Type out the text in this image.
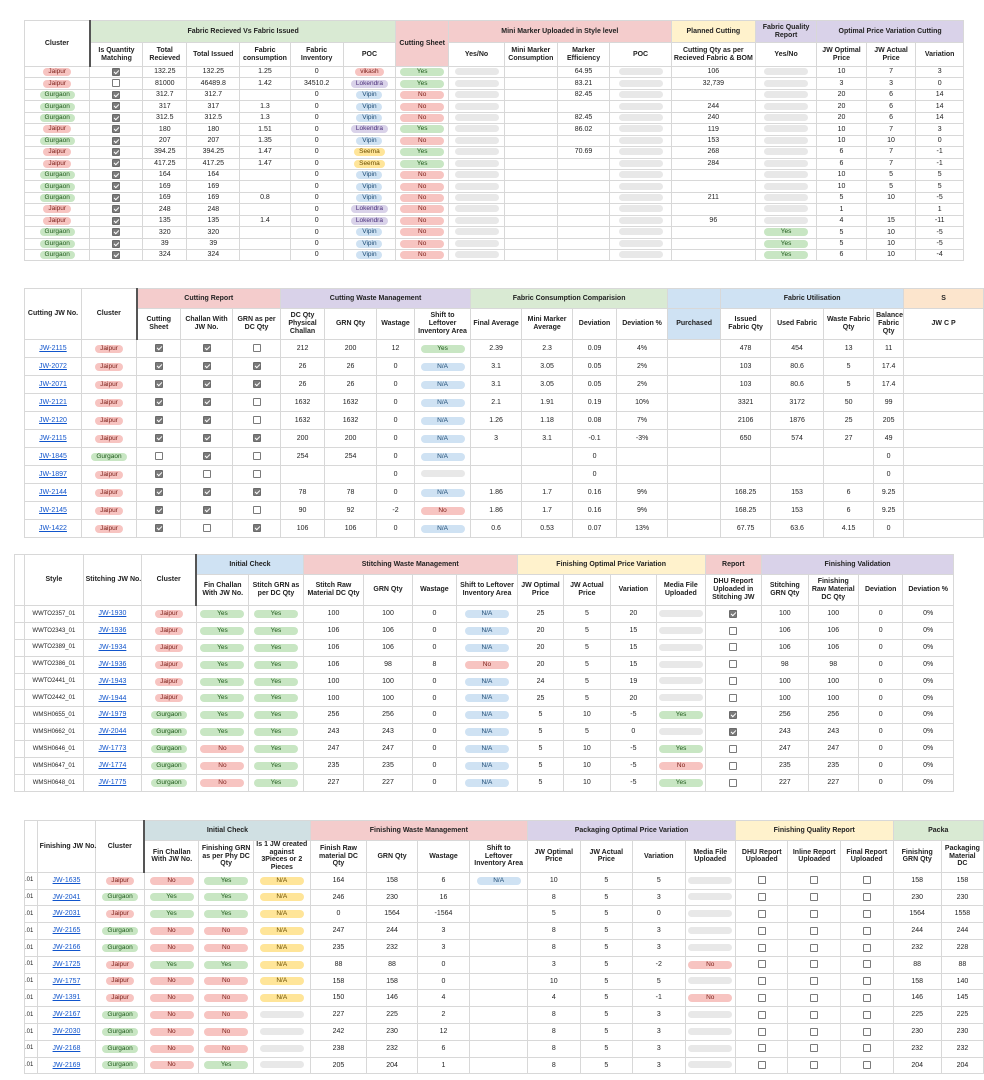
Cluster	Fabric Recieved Vs Fabric Issued						Cutting Sheet	Mini Marker Uploaded in Style level				Planned Cutting	Fabric Quality Report	Optimal Price Variation Cutting		
	Is Quantity Matching	Total Recieved	Total Issued	Fabric consumption	Fabric Inventory	POC		Yes/No	Mini Marker Consumption	Marker Efficiency	POC	Cutting Qty as per Recieved Fabric & BOM	Yes/No	JW Optimal Price	JW Actual Price	Variation
Jaipur		132.25	132.25	1.25	0	vikash	Yes			64.95		106		10	7	3
Jaipur		81000	46489.8	1.42	34510.2	Lokendra	Yes			83.21		32,739		3	3	0
Gurgaon		312.7	312.7		0	Vipin	No			82.45				20	6	14
Gurgaon		317	317	1.3	0	Vipin	No					244		20	6	14
Gurgaon		312.5	312.5	1.3	0	Vipin	No			82.45		240		20	6	14
Jaipur		180	180	1.51	0	Lokendra	Yes			86.02		119		10	7	3
Gurgaon		207	207	1.35	0	Vipin	No					153		10	10	0
Jaipur		394.25	394.25	1.47	0	Seema	Yes			70.69		268		6	7	-1
Jaipur		417.25	417.25	1.47	0	Seema	Yes					284		6	7	-1
Gurgaon		164	164		0	Vipin	No							10	5	5
Gurgaon		169	169		0	Vipin	No							10	5	5
Gurgaon		169	169	0.8	0	Vipin	No					211		5	10	-5
Jaipur		248	248		0	Lokendra	No							1		1
Jaipur		135	135	1.4	0	Lokendra	No					96		4	15	-11
Gurgaon		320	320		0	Vipin	No						Yes	5	10	-5
Gurgaon		39	39		0	Vipin	No						Yes	5	10	-5
Gurgaon		324	324		0	Vipin	No						Yes	6	10	-4
Cutting JW No.	Cluster	Cutting Report			Cutting Waste Management				Fabric Consumption Comparision					Fabric Utilisation				S
		Cutting Sheet	Challan With JW No.	GRN as per DC Qty	DC Qty Physical Challan	GRN Qty	Wastage	Shift to Leftover Inventory Area	Final Average	Mini Marker Average	Deviation	Deviation %	Purchased	Issued Fabric Qty	Used Fabric	Waste Fabric Qty	Balance Fabric Qty	JW C P
JW-2115	Jaipur				212	200	12	Yes	2.39	2.3	0.09	4%		478	454	13	11	
JW-2072	Jaipur				26	26	0	N/A	3.1	3.05	0.05	2%		103	80.6	5	17.4	
JW-2071	Jaipur				26	26	0	N/A	3.1	3.05	0.05	2%		103	80.6	5	17.4	
JW-2121	Jaipur				1632	1632	0	N/A	2.1	1.91	0.19	10%		3321	3172	50	99	
JW-2120	Jaipur				1632	1632	0	N/A	1.26	1.18	0.08	7%		2106	1876	25	205	
JW-2115	Jaipur				200	200	0	N/A	3	3.1	-0.1	-3%		650	574	27	49	
JW-1845	Gurgaon				254	254	0	N/A			0						0	
JW-1897	Jaipur						0				0						0	
JW-2144	Jaipur				78	78	0	N/A	1.86	1.7	0.16	9%		168.25	153	6	9.25	
JW-2145	Jaipur				90	92	-2	No	1.86	1.7	0.16	9%		168.25	153	6	9.25	
JW-1422	Jaipur				106	106	0	N/A	0.6	0.53	0.07	13%		67.75	63.6	4.15	0	
	Style	Stitching JW No.	Cluster	Initial Check		Stitching Waste Management				Finishing Optimal Price Variation				Report	Finishing Validation			
				Fin Challan With JW No.	Stitch GRN as per DC Qty	Stitch Raw Material DC Qty	GRN Qty	Wastage	Shift to Leftover Inventory Area	JW Optimal Price	JW Actual Price	Variation	Media File Uploaded	DHU Report Uploaded in Stitching JW	Stitching GRN Qty	Finishing Raw Material DC Qty	Deviation	Deviation %
	WWTO2357_01	JW-1930	Jaipur	Yes	Yes	100	100	0	N/A	25	5	20			100	100	0	0%
	WWTO2343_01	JW-1936	Jaipur	Yes	Yes	106	106	0	N/A	20	5	15			106	106	0	0%
	WWTO2389_01	JW-1934	Jaipur	Yes	Yes	106	106	0	N/A	20	5	15			106	106	0	0%
	WWTO2386_01	JW-1936	Jaipur	Yes	Yes	106	98	8	No	20	5	15			98	98	0	0%
	WWTO2441_01	JW-1943	Jaipur	Yes	Yes	100	100	0	N/A	24	5	19			100	100	0	0%
	WWTO2442_01	JW-1944	Jaipur	Yes	Yes	100	100	0	N/A	25	5	20			100	100	0	0%
	WMSH0655_01	JW-1979	Gurgaon	Yes	Yes	256	256	0	N/A	5	10	-5	Yes		256	256	0	0%
	WMSH0662_01	JW-2044	Gurgaon	Yes	Yes	243	243	0	N/A	5	5	0			243	243	0	0%
	WMSH0646_01	JW-1773	Gurgaon	No	Yes	247	247	0	N/A	5	10	-5	Yes		247	247	0	0%
	WMSH0647_01	JW-1774	Gurgaon	No	Yes	235	235	0	N/A	5	10	-5	No		235	235	0	0%
	WMSH0648_01	JW-1775	Gurgaon	No	Yes	227	227	0	N/A	5	10	-5	Yes		227	227	0	0%
	Finishing JW No.	Cluster	Initial Check			Finishing Waste Management				Packaging Optimal Price Variation				Finishing Quality Report			Packa	
			Fin Challan With JW No.	Finishing GRN as per Phy DC Qty	Is 1 JW created against 3Pieces or 2 Pieces	Finish Raw material DC Qty	GRN Qty	Wastage	Shift to Leftover Inventory Area	JW Optimal Price	JW Actual Price	Variation	Media File Uploaded	DHU Report Uploaded	Inline Report Uploaded	Final Report Uploaded	Finishing GRN Qty	Packaging Material DC
.01	JW-1635	Jaipur	No	Yes	N/A	164	158	6	N/A	10	5	5					158	158
.01	JW-2041	Gurgaon	Yes	Yes	N/A	246	230	16		8	5	3					230	230
.01	JW-2031	Jaipur	Yes	Yes	N/A	0	1564	-1564		5	5	0					1564	1558
.01	JW-2165	Gurgaon	No	No	N/A	247	244	3		8	5	3					244	244
.01	JW-2166	Gurgaon	No	No	N/A	235	232	3		8	5	3					232	228
.01	JW-1725	Jaipur	Yes	Yes	N/A	88	88	0		3	5	-2	No				88	88
.01	JW-1757	Jaipur	No	No	N/A	158	158	0		10	5	5					158	140
.01	JW-1391	Jaipur	No	No	N/A	150	146	4		4	5	-1	No				146	145
.01	JW-2167	Gurgaon	No	No		227	225	2		8	5	3					225	225
.01	JW-2030	Gurgaon	No	No		242	230	12		8	5	3					230	230
.01	JW-2168	Gurgaon	No	No		238	232	6		8	5	3					232	232
.01	JW-2169	Gurgaon	No	Yes		205	204	1		8	5	3					204	204
